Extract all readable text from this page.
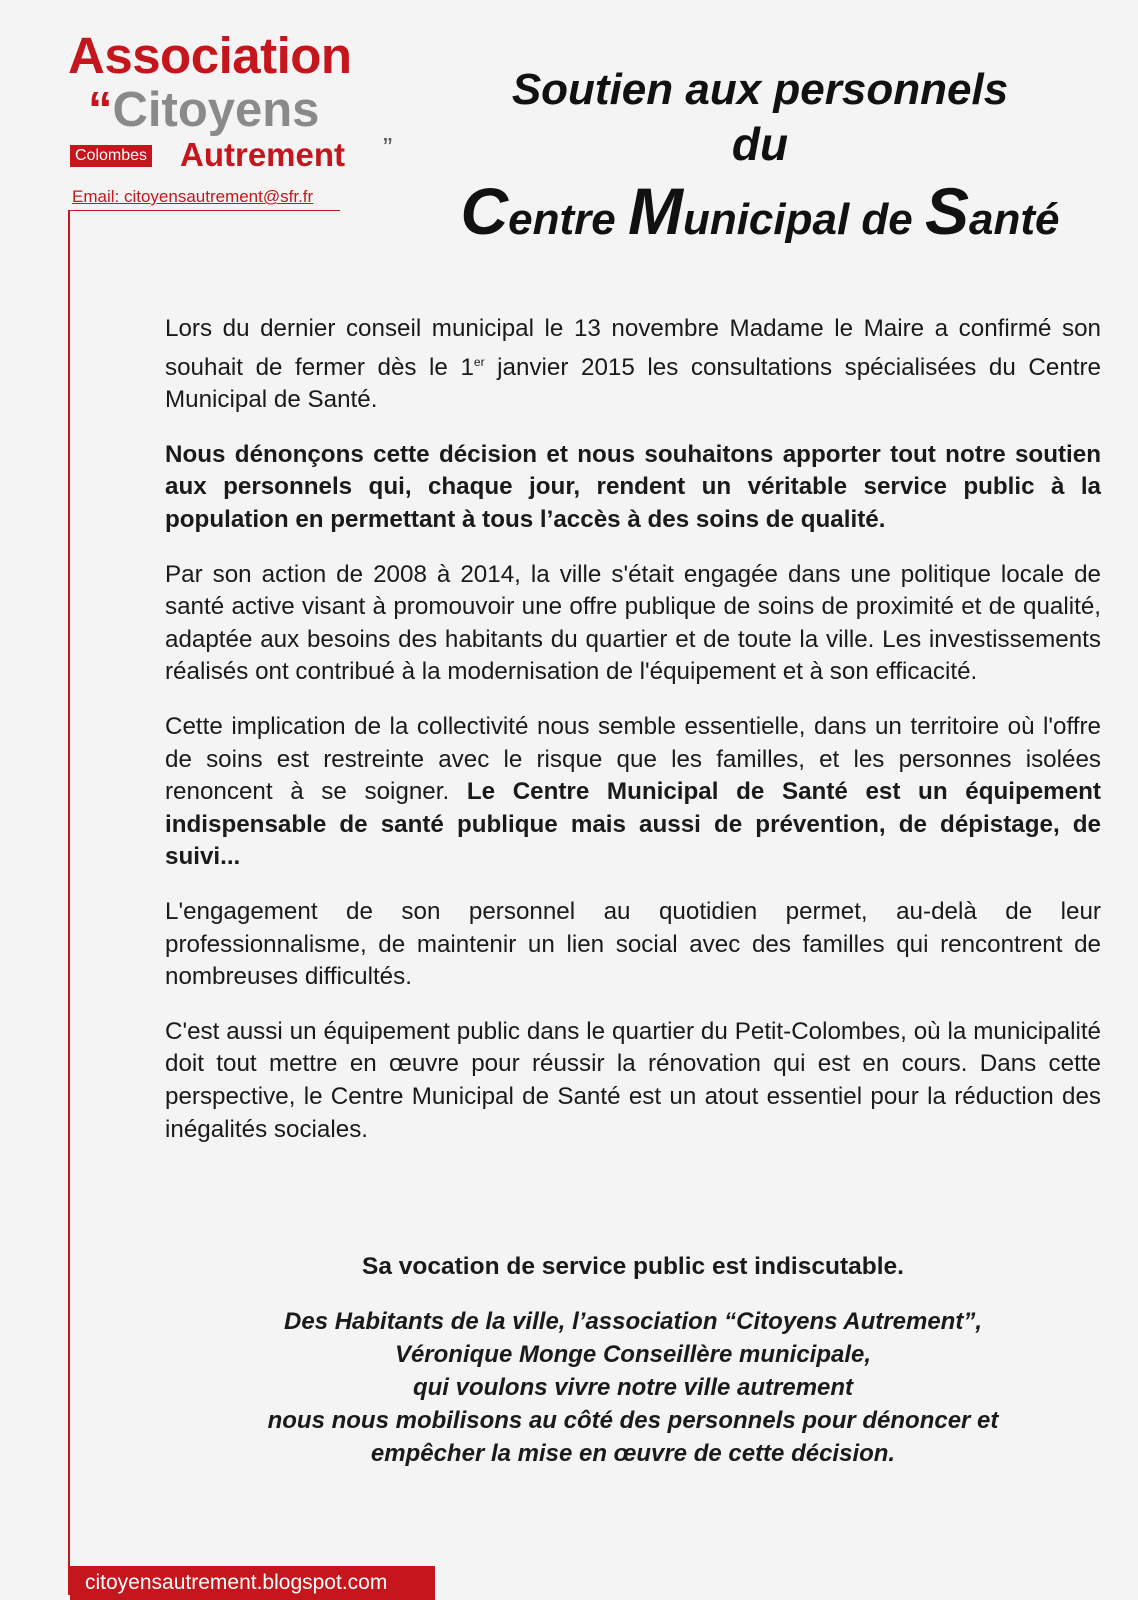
Association
“Citoyens
Colombes Autrement ”
Email: citoyensautrement@sfr.fr
Soutien aux personnels
du
Centre Municipal de Santé

Lors du dernier conseil municipal le 13 novembre Madame le Maire a confirmé son souhait de fermer dès le 1er janvier 2015 les consultations spécialisées du Centre Municipal de Santé.

Nous dénonçons cette décision et nous souhaitons apporter tout notre soutien aux personnels qui, chaque jour, rendent un véritable service public à la population en permettant à tous l’accès à des soins de qualité.

Par son action de 2008 à 2014, la ville s'était engagée dans une politique locale de santé active visant à promouvoir une offre publique de soins de proximité et de qualité, adaptée aux besoins des habitants du quartier et de toute la ville. Les investissements réalisés ont contribué à la modernisation de l'équipement et à son efficacité.

Cette implication de la collectivité nous semble essentielle, dans un territoire où l'offre de soins est restreinte avec le risque que les familles, et les personnes isolées renoncent à se soigner. Le Centre Municipal de Santé est un équipement indispensable de santé publique mais aussi de prévention, de dépistage, de suivi...

L'engagement de son personnel au quotidien permet, au-delà de leur professionnalisme, de maintenir un lien social avec des familles qui rencontrent de nombreuses difficultés.

C'est aussi un équipement public dans le quartier du Petit-Colombes, où la municipalité doit tout mettre en œuvre pour réussir la rénovation qui est en cours. Dans cette perspective, le Centre Municipal de Santé est un atout essentiel pour la réduction des inégalités sociales.

Sa vocation de service public est indiscutable.
Des Habitants de la ville, l’association “Citoyens Autrement”,
Véronique Monge Conseillère municipale,
qui voulons vivre notre ville autrement
nous nous mobilisons au côté des personnels pour dénoncer et
empêcher la mise en œuvre de cette décision.
citoyensautrement.blogspot.com
